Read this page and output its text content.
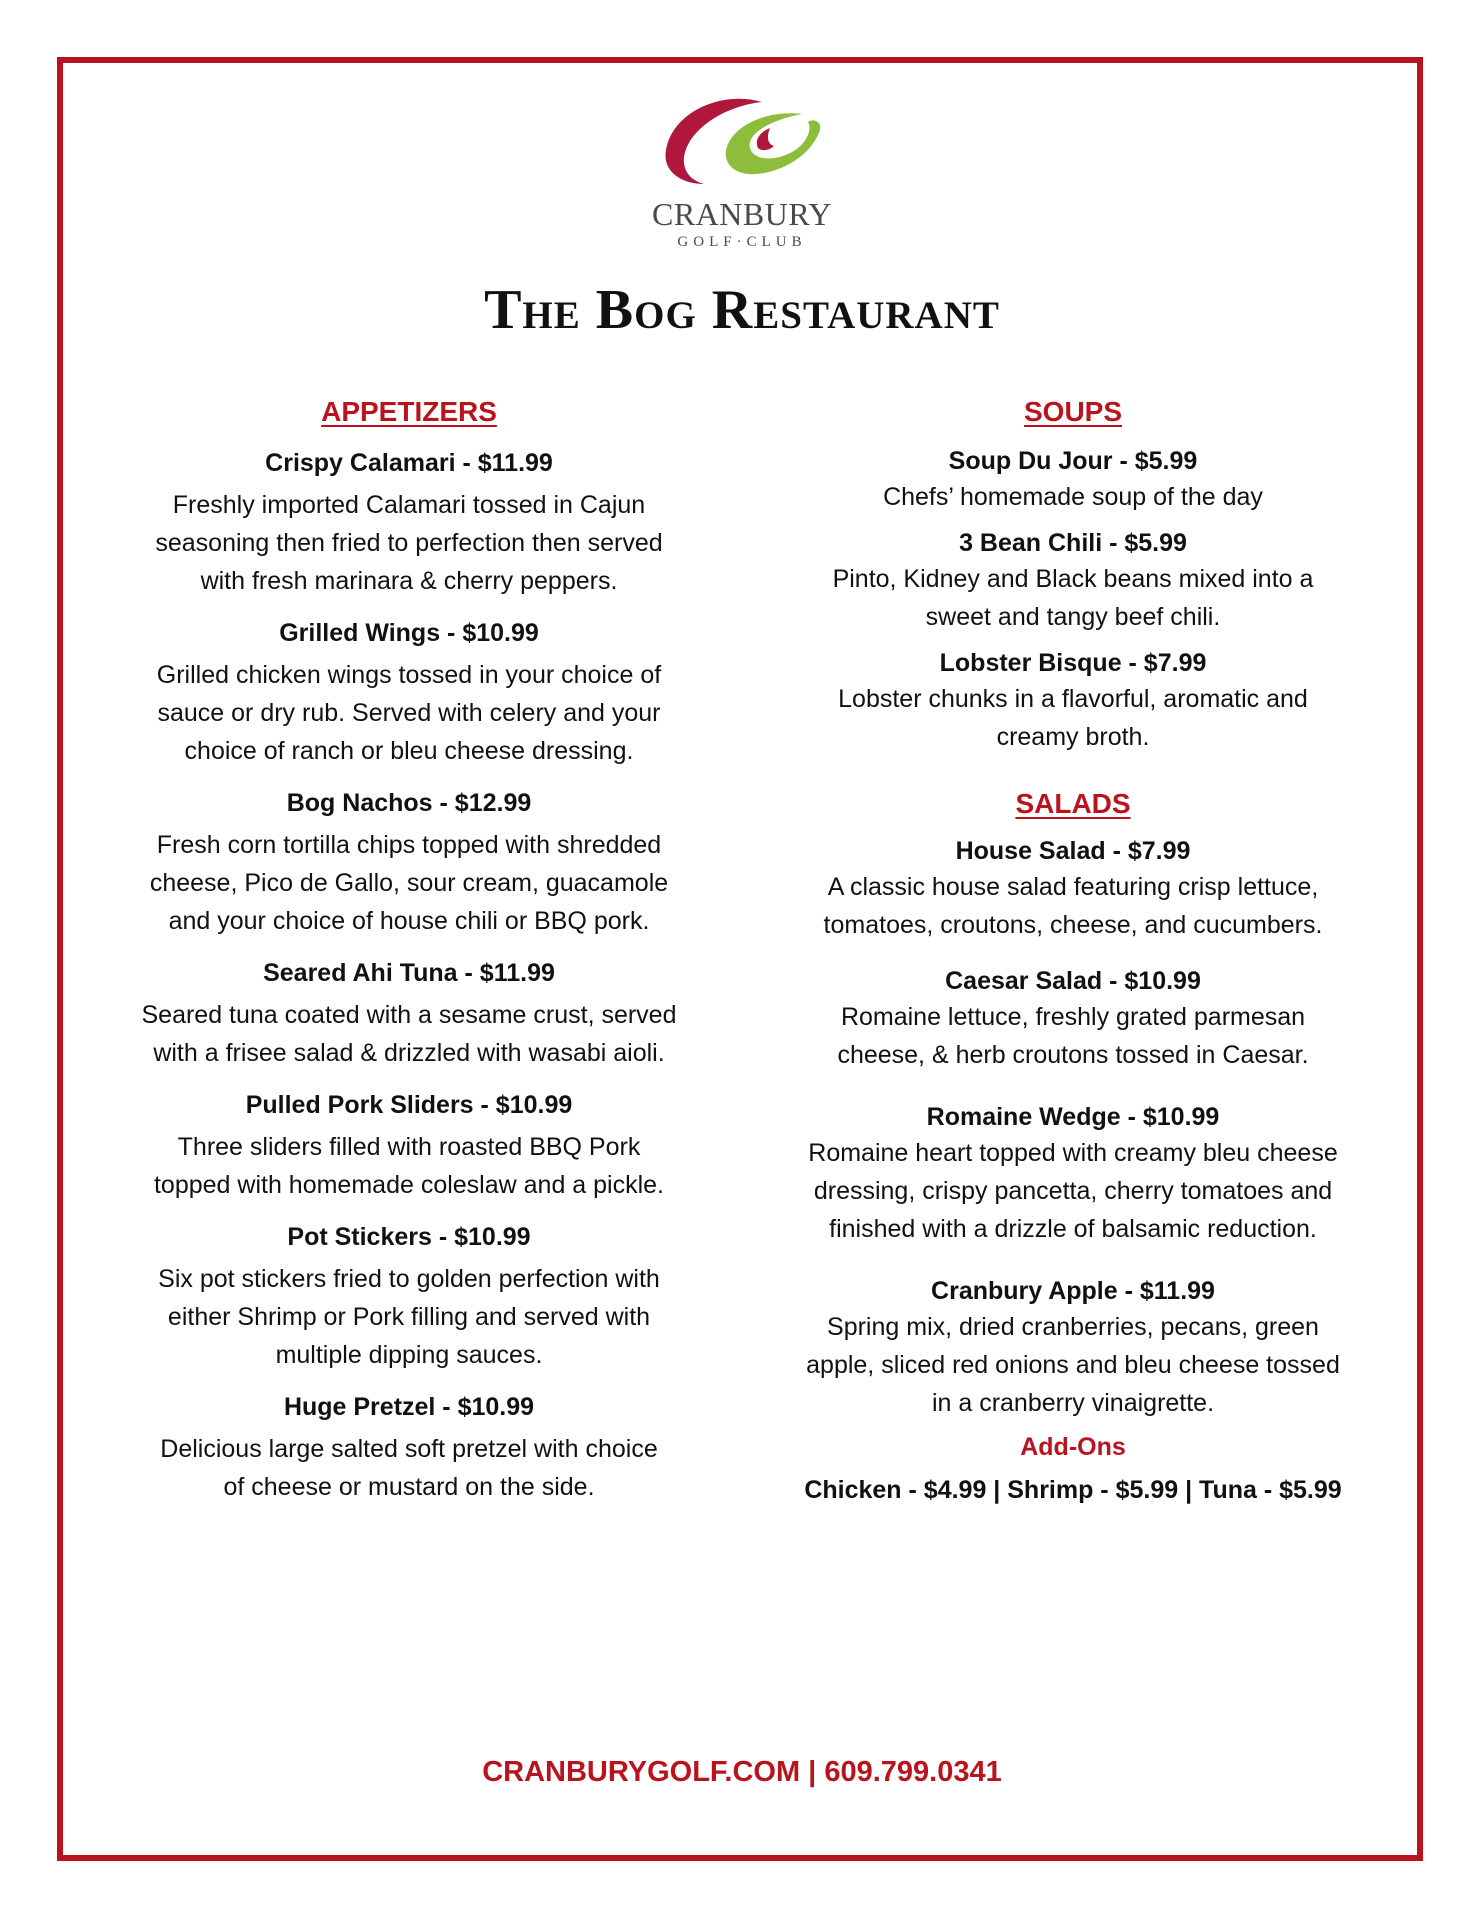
CRANBURY
GOLF·CLUB
The Bog Restaurant
APPETIZERS
Crispy Calamari - $11.99
Freshly imported Calamari tossed in Cajun
seasoning then fried to perfection then served
with fresh marinara & cherry peppers.
Grilled Wings - $10.99
Grilled chicken wings tossed in your choice of
sauce or dry rub. Served with celery and your
choice of ranch or bleu cheese dressing.
Bog Nachos - $12.99
Fresh corn tortilla chips topped with shredded
cheese, Pico de Gallo, sour cream, guacamole
and your choice of house chili or BBQ pork.
Seared Ahi Tuna - $11.99
Seared tuna coated with a sesame crust, served
with a frisee salad & drizzled with wasabi aioli.
Pulled Pork Sliders - $10.99
Three sliders filled with roasted BBQ Pork
topped with homemade coleslaw and a pickle.
Pot Stickers - $10.99
Six pot stickers fried to golden perfection with
either Shrimp or Pork filling and served with
multiple dipping sauces.
Huge Pretzel - $10.99
Delicious large salted soft pretzel with choice
of cheese or mustard on the side.
SOUPS
Soup Du Jour - $5.99
Chefs’ homemade soup of the day
3 Bean Chili - $5.99
Pinto, Kidney and Black beans mixed into a
sweet and tangy beef chili.
Lobster Bisque - $7.99
Lobster chunks in a flavorful, aromatic and
creamy broth.
SALADS
House Salad - $7.99
A classic house salad featuring crisp lettuce,
tomatoes, croutons, cheese, and cucumbers.
Caesar Salad - $10.99
Romaine lettuce, freshly grated parmesan
cheese, & herb croutons tossed in Caesar.
Romaine Wedge - $10.99
Romaine heart topped with creamy bleu cheese
dressing, crispy pancetta, cherry tomatoes and
finished with a drizzle of balsamic reduction.
Cranbury Apple - $11.99
Spring mix, dried cranberries, pecans, green
apple, sliced red onions and bleu cheese tossed
in a cranberry vinaigrette.
Add-Ons
Chicken - $4.99 | Shrimp - $5.99 | Tuna - $5.99
CRANBURYGOLF.COM | 609.799.0341
